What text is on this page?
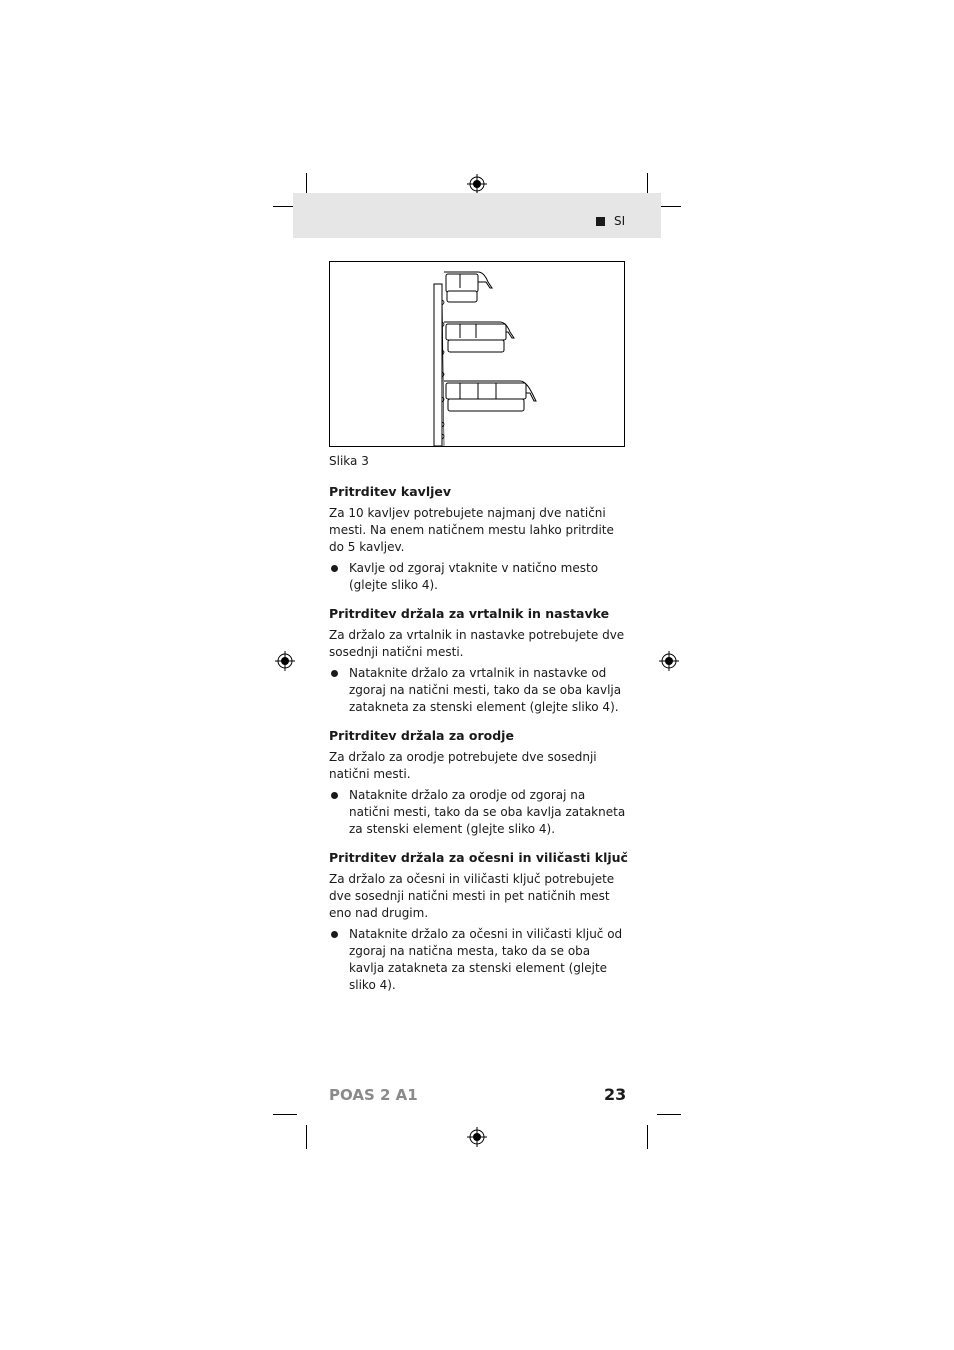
SI
Slika 3
Pritrditev kavljev

Za 10 kavljev potrebujete najmanj dve natični mesti. Na enem natičnem mestu lahko pritrdite do 5 kavljev.

Kavlje od zgoraj vtaknite v natično mesto (glejte sliko 4).
Pritrditev držala za vrtalnik in nastavke

Za držalo za vrtalnik in nastavke potrebujete dve sosednji natični mesti.

Nataknite držalo za vrtalnik in nastavke od zgoraj na natični mesti, tako da se oba kavlja zatakneta za stenski element (glejte sliko 4).
Pritrditev držala za orodje

Za držalo za orodje potrebujete dve sosednji natični mesti.

Nataknite držalo za orodje od zgoraj na natični mesti, tako da se oba kavlja zatakneta za stenski element (glejte sliko 4).
Pritrditev držala za očesni in viličasti ključ

Za držalo za očesni in viličasti ključ potrebujete dve sosednji natični mesti in pet natičnih mest eno nad drugim.

Nataknite držalo za očesni in viličasti ključ od zgoraj na natična mesta, tako da se oba kavlja zatakneta za stenski element (glejte sliko 4).
POAS 2 A1	23
